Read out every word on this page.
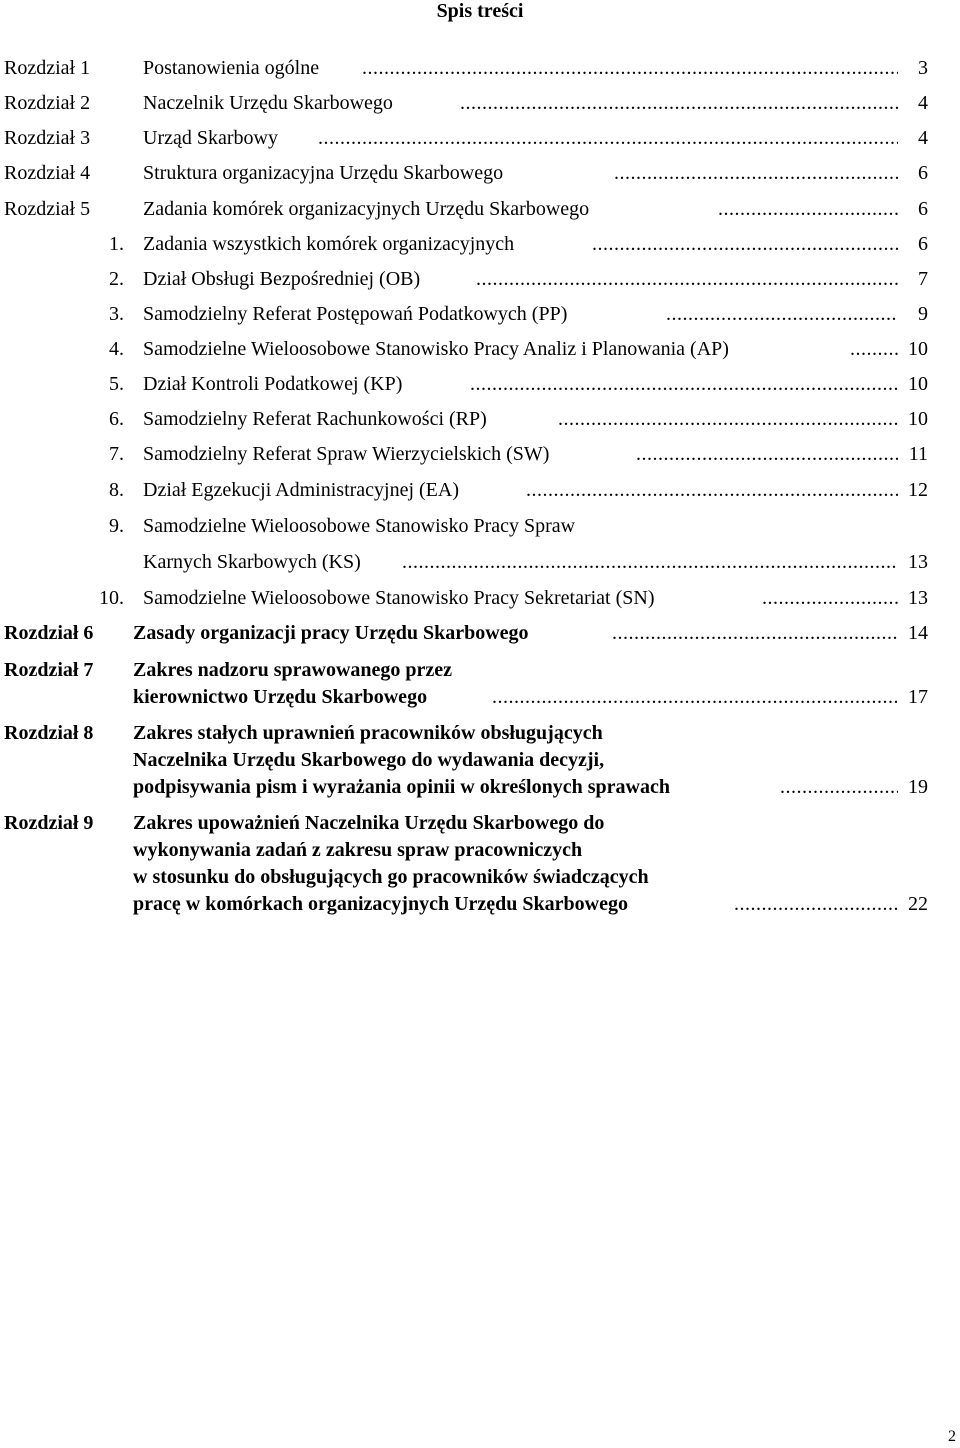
Spis treści
Rozdział 1	Postanowienia ogólne .....	3
Rozdział 2	Naczelnik Urzędu Skarbowego .....	4
Rozdział 3	Urząd Skarbowy .....	4
Rozdział 4	Struktura organizacyjna Urzędu Skarbowego .....	6
Rozdział 5	Zadania komórek organizacyjnych Urzędu Skarbowego .....	6
1. Zadania wszystkich komórek organizacyjnych .....	6
2. Dział Obsługi Bezpośredniej (OB) .....	7
3. Samodzielny Referat Postępowań Podatkowych (PP) .....	9
4. Samodzielne Wieloosobowe Stanowisko Pracy Analiz i Planowania (AP) .....	10
5. Dział Kontroli Podatkowej (KP) .....	10
6. Samodzielny Referat Rachunkowości (RP) .....	10
7. Samodzielny Referat Spraw Wierzycielskich (SW) .....	11
8. Dział Egzekucji Administracyjnej (EA) .....	12
9. Samodzielne Wieloosobowe Stanowisko Pracy Spraw
Karnych Skarbowych (KS) .....	13
10. Samodzielne Wieloosobowe Stanowisko Pracy Sekretariat (SN) .....	13
Rozdział 6 Zasady organizacji pracy Urzędu Skarbowego .....	14
Rozdział 7 Zakres nadzoru sprawowanego przez
kierownictwo Urzędu Skarbowego .....	17
Rozdział 8 Zakres stałych uprawnień pracowników obsługujących
Naczelnika Urzędu Skarbowego do wydawania decyzji,
podpisywania pism i wyrażania opinii w określonych sprawach .....	19
Rozdział 9 Zakres upoważnień Naczelnika Urzędu Skarbowego do
wykonywania zadań z zakresu spraw pracowniczych
w stosunku do obsługujących go pracowników świadczących
pracę w komórkach organizacyjnych Urzędu Skarbowego .....	22
2
